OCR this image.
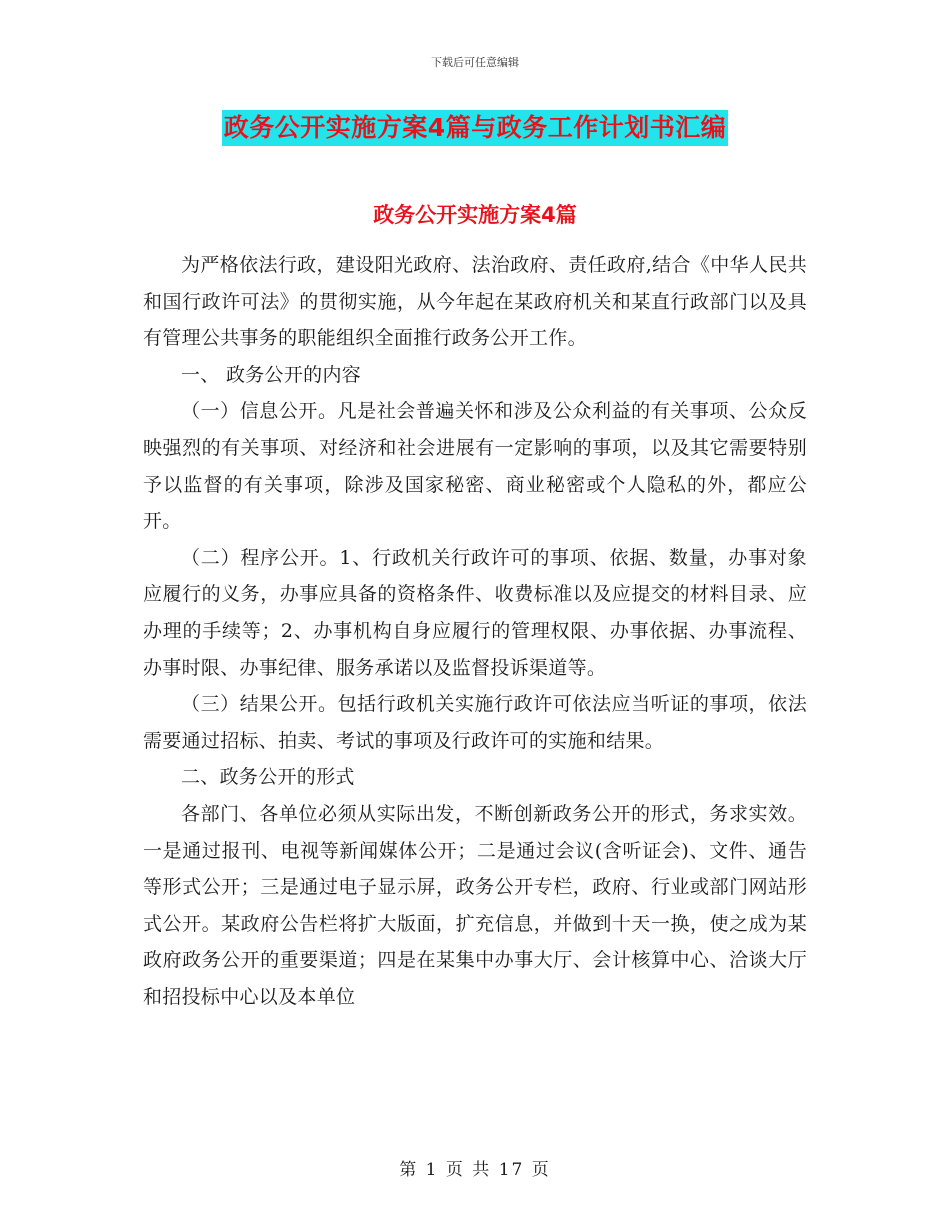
下载后可任意编辑
政务公开实施方案4篇与政务工作计划书汇编
政务公开实施方案4篇

为严格依法行政，建设阳光政府、法治政府、责任政府,结合《中华人民共和国行政许可法》的贯彻实施，从今年起在某政府机关和某直行政部门以及具有管理公共事务的职能组织全面推行政务公开工作。

一、 政务公开的内容

（一）信息公开。凡是社会普遍关怀和涉及公众利益的有关事项、公众反映强烈的有关事项、对经济和社会进展有一定影响的事项，以及其它需要特别予以监督的有关事项，除涉及国家秘密、商业秘密或个人隐私的外，都应公开。

（二）程序公开。1、行政机关行政许可的事项、依据、数量，办事对象应履行的义务，办事应具备的资格条件、收费标准以及应提交的材料目录、应办理的手续等；2、办事机构自身应履行的管理权限、办事依据、办事流程、办事时限、办事纪律、服务承诺以及监督投诉渠道等。

（三）结果公开。包括行政机关实施行政许可依法应当听证的事项，依法需要通过招标、拍卖、考试的事项及行政许可的实施和结果。

二、政务公开的形式

各部门、各单位必须从实际出发，不断创新政务公开的形式，务求实效。一是通过报刊、电视等新闻媒体公开；二是通过会议(含听证会)、文件、通告等形式公开；三是通过电子显示屏，政务公开专栏，政府、行业或部门网站形式公开。某政府公告栏将扩大版面，扩充信息，并做到十天一换，使之成为某政府政务公开的重要渠道；四是在某集中办事大厅、会计核算中心、洽谈大厅和招投标中心以及本单位

第 1 页 共 17 页
